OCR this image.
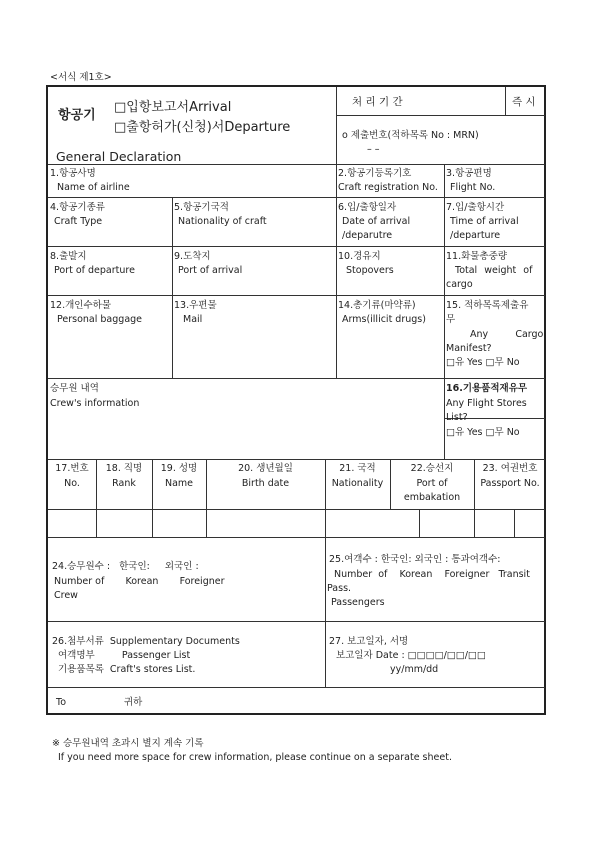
<서식 제1호>
항공기
□입항보고서Arrival
□출항허가(신청)서Departure
General Declaration
처 리 기 간	즉 시
o 제출번호(적하목록 No : MRN)
– –
1.항공사명
Name of airline
2.항공기등록기호
Craft registration No.
3.항공편명
Flight No.
4.항공기종류
Craft Type
5.항공기국적
Nationality of craft
6.입/출항일자
Date of arrival
/deparutre
7.입/출항시간
Time of arrival
/departure
8.출발지
Port of departure
9.도착지
Port of arrival
10.경유지
Stopovers
11.화물총중량
Total weight of
cargo
12.개인수하물
Personal baggage
13.우편물
Mail
14.총기류(마약류)
Arms(illicit drugs)
15. 적하목록제출유
무
Any         Cargo
Manifest?
□유 Yes □무 No
승무원 내역
Crew's information
16.기용품적재유무
Any Flight Stores
List?
□유 Yes □무 No
17.번호
No.
18. 직명
Rank
19. 성명
Name
20. 생년월일
Birth date
21. 국적
Nationality
22.승선지
Port of
embakation
23. 여권번호
Passport No.
24.승무원수 :   한국인:     외국인 :
Number of       Korean       Foreigner
Crew
25.여객수 : 한국인: 외국인 : 통과여객수:
Number  of    Korean    Foreigner   Transit
Pass.
Passengers
26.첨부서류  Supplementary Documents
여객명부         Passenger List
기용품목록  Craft's stores List.
27. 보고일자, 서명
보고일자 Date : □□□□/□□/□□
yy/mm/dd
To	귀하
※ 승무원내역 초과시 별지 계속 기록
If you need more space for crew information, please continue on a separate sheet.
